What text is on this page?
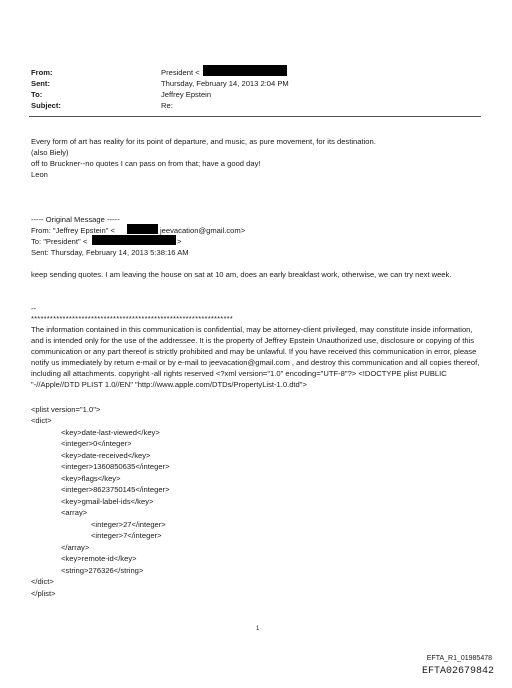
From:	President <
Sent:	Thursday, February 14, 2013 2:04 PM
To:	Jeffrey Epstein
Subject:	Re:
Every form of art has reality for its point of departure, and music, as pure movement, for its destination.
(also Biely)
off to Bruckner--no quotes I can pass on from that; have a good day!
Leon
----- Original Message -----
From: "Jeffrey Epstein" <	jeevacation@gmail.com>
To: "President" <	>
Sent: Thursday, February 14, 2013 5:38:16 AM
keep sending quotes. I am leaving the house on sat at 10 am, does an early breakfast work, otherwise, we can try next week.
--
****************************************************************
The information contained in this communication is confidential, may be attorney-client privileged, may constitute inside information, and is intended only for the use of the addressee. It is the property of Jeffrey Epstein Unauthorized use, disclosure or copying of this communication or any part thereof is strictly prohibited and may be unlawful. If you have received this communication in error, please notify us immediately by return e-mail or by e-mail to jeevacation@gmail.com , and destroy this communication and all copies thereof, including all attachments. copyright -all rights reserved <?xml version="1.0" encoding="UTF-8"?> <!DOCTYPE plist PUBLIC "-//Apple//DTD PLIST 1.0//EN" "http://www.apple.com/DTDs/PropertyList-1.0.dtd">
<plist version="1.0">
<dict>
<key>date-last-viewed</key>
<integer>0</integer>
<key>date-received</key>
<integer>1360850635</integer>
<key>flags</key>
<integer>8623750145</integer>
<key>gmail-label-ids</key>
<array>
<integer>27</integer>
<integer>7</integer>
</array>
<key>remote-id</key>
<string>276326</string>
</dict>
</plist>
1
EFTA_R1_01985478
EFTA02679842
